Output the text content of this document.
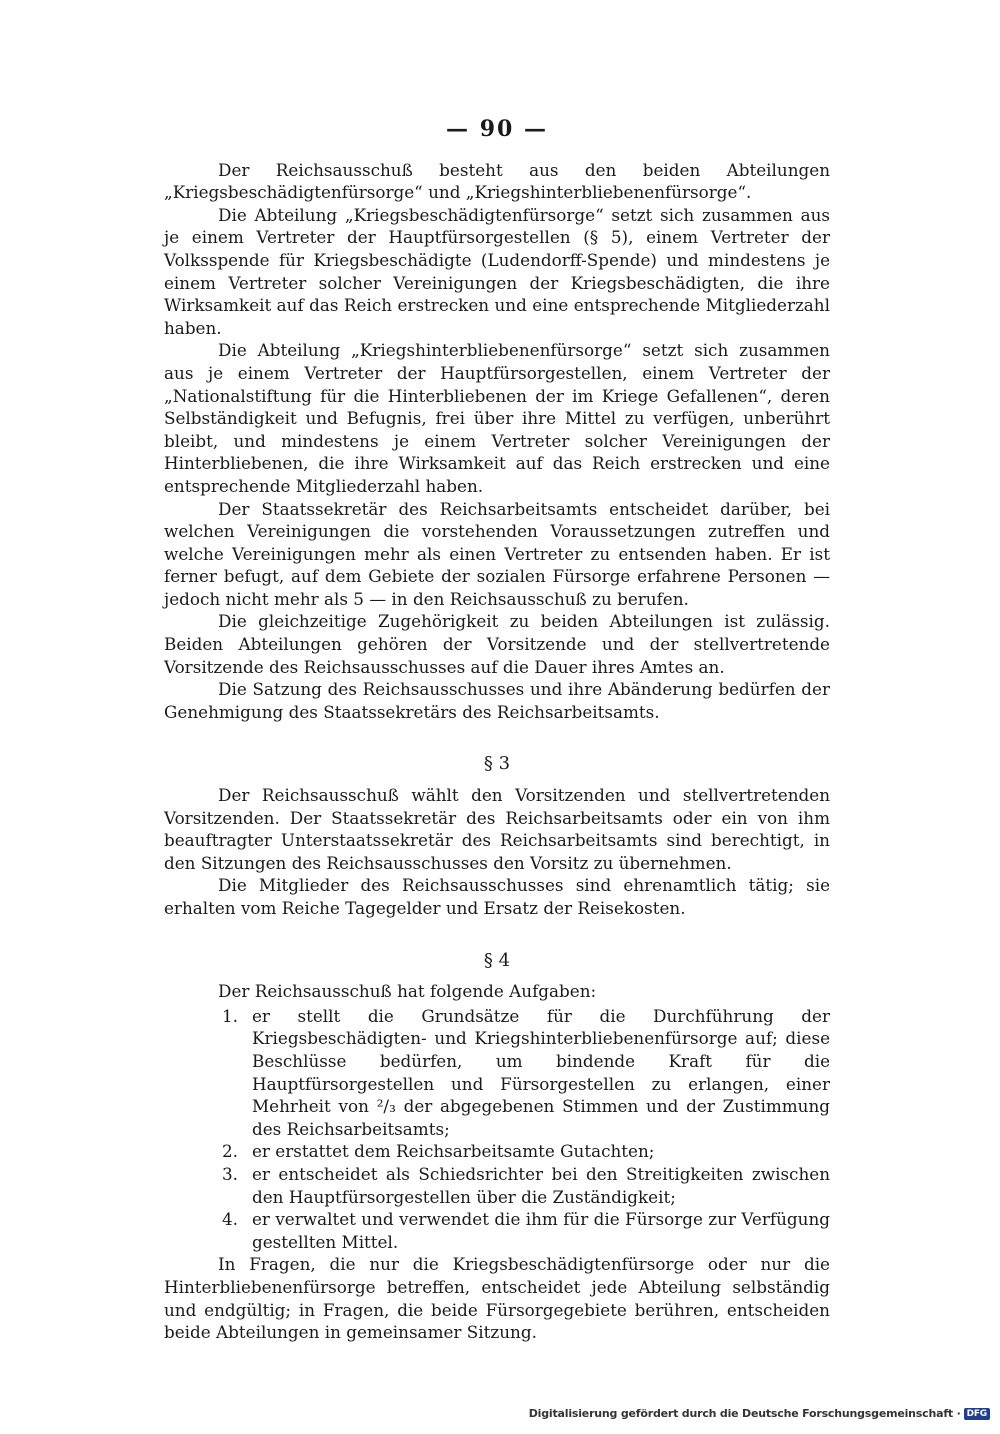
— 90 —

Der Reichsausschuß besteht aus den beiden Abteilungen „Kriegsbeschädigtenfürsorge“ und „Kriegshinterbliebenenfürsorge“.

Die Abteilung „Kriegsbeschädigtenfürsorge“ setzt sich zusammen aus je einem Vertreter der Hauptfürsorgestellen (§ 5), einem Vertreter der Volksspende für Kriegsbeschädigte (Ludendorff-Spende) und mindestens je einem Vertreter solcher Vereinigungen der Kriegsbeschädigten, die ihre Wirksamkeit auf das Reich erstrecken und eine entsprechende Mitgliederzahl haben.

Die Abteilung „Kriegshinterbliebenenfürsorge“ setzt sich zusammen aus je einem Vertreter der Hauptfürsorgestellen, einem Vertreter der „Nationalstiftung für die Hinterbliebenen der im Kriege Gefallenen“, deren Selbständigkeit und Befugnis, frei über ihre Mittel zu verfügen, unberührt bleibt, und mindestens je einem Vertreter solcher Vereinigungen der Hinterbliebenen, die ihre Wirksamkeit auf das Reich erstrecken und eine entsprechende Mitgliederzahl haben.

Der Staatssekretär des Reichsarbeitsamts entscheidet darüber, bei welchen Vereinigungen die vorstehenden Voraussetzungen zutreffen und welche Vereinigungen mehr als einen Vertreter zu entsenden haben. Er ist ferner befugt, auf dem Gebiete der sozialen Fürsorge erfahrene Personen — jedoch nicht mehr als 5 — in den Reichsausschuß zu berufen.

Die gleichzeitige Zugehörigkeit zu beiden Abteilungen ist zulässig. Beiden Abteilungen gehören der Vorsitzende und der stellvertretende Vorsitzende des Reichsausschusses auf die Dauer ihres Amtes an.

Die Satzung des Reichsausschusses und ihre Abänderung bedürfen der Genehmigung des Staatssekretärs des Reichsarbeitsamts.

§ 3

Der Reichsausschuß wählt den Vorsitzenden und stellvertretenden Vorsitzenden. Der Staatssekretär des Reichsarbeitsamts oder ein von ihm beauftragter Unterstaatssekretär des Reichsarbeitsamts sind berechtigt, in den Sitzungen des Reichsausschusses den Vorsitz zu übernehmen.

Die Mitglieder des Reichsausschusses sind ehrenamtlich tätig; sie erhalten vom Reiche Tagegelder und Ersatz der Reisekosten.

§ 4

Der Reichsausschuß hat folgende Aufgaben:

1. er stellt die Grundsätze für die Durchführung der Kriegsbeschädigten- und Kriegshinterbliebenenfürsorge auf; diese Beschlüsse bedürfen, um bindende Kraft für die Hauptfürsorgestellen und Fürsorgestellen zu erlangen, einer Mehrheit von ²/₃ der abgegebenen Stimmen und der Zustimmung des Reichsarbeitsamts;
2. er erstattet dem Reichsarbeitsamte Gutachten;
3. er entscheidet als Schiedsrichter bei den Streitigkeiten zwischen den Hauptfürsorgestellen über die Zuständigkeit;
4. er verwaltet und verwendet die ihm für die Fürsorge zur Verfügung gestellten Mittel.

In Fragen, die nur die Kriegsbeschädigtenfürsorge oder nur die Hinterbliebenenfürsorge betreffen, entscheidet jede Abteilung selbständig und endgültig; in Fragen, die beide Fürsorgegebiete berühren, entscheiden beide Abteilungen in gemeinsamer Sitzung.

Digitalisierung gefördert durch die Deutsche Forschungsgemeinschaft · DFG
